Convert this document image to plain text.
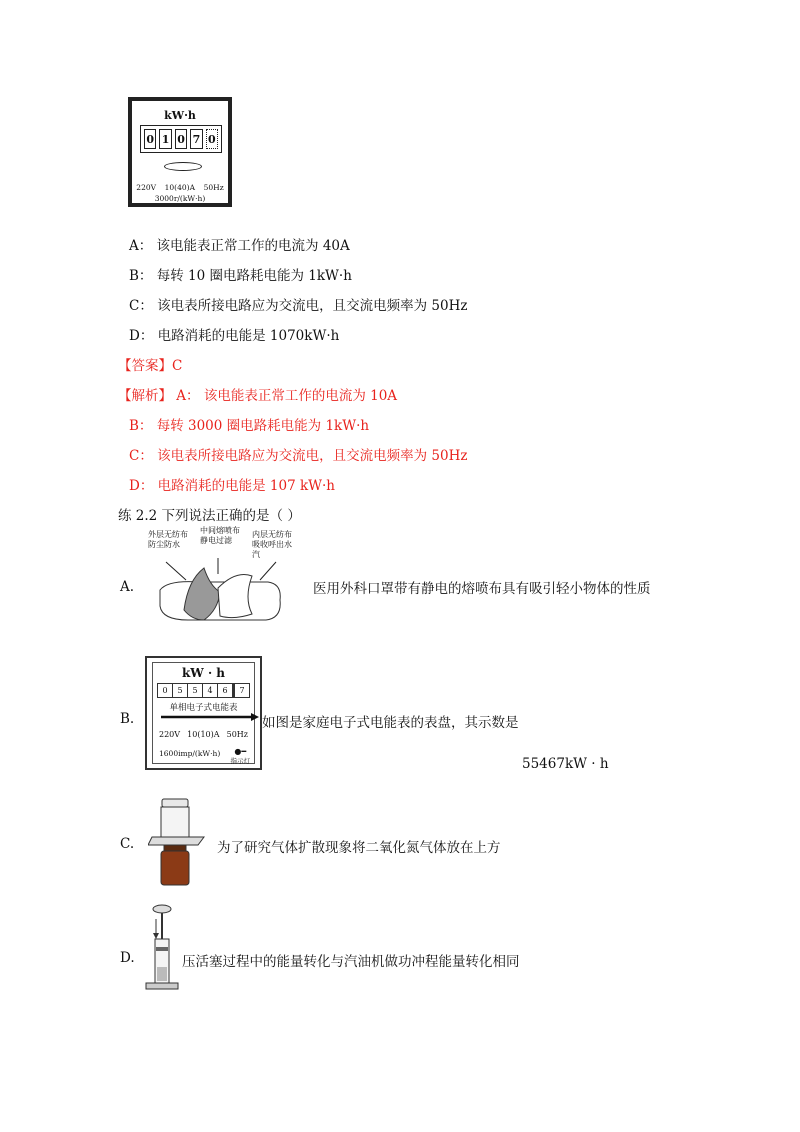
kW·h
0 1 0 7 0
220V 10(40)A 50Hz
3000r/(kW·h)
A： 该电能表正常工作的电流为 40A
B： 每转 10 圈电路耗电能为 1kW·h
C： 该电表所接电路应为交流电，且交流电频率为 50Hz
D： 电路消耗的电能是 1070kW·h
【答案】C
【解析】 A： 该电能表正常工作的电流为 10A
B： 每转 3000 圈电路耗电能为 1kW·h
C： 该电表所接电路应为交流电，且交流电频率为 50Hz
D： 电路消耗的电能是 107 kW·h
练 2.2 下列说法正确的是（ ）
外层无纺布
防尘防水
中间熔喷布
静电过滤
内层无纺布
吸收呼出水汽
A.	医用外科口罩带有静电的熔喷布具有吸引轻小物体的性质
kW · h
0	5	5	4	6	7
单相电子式电能表
220V 10(10)A 50Hz
1600imp/(kW·h)	●━
指示灯
B.	如图是家庭电子式电能表的表盘，其示数是
55467kW · h
C.	为了研究气体扩散现象将二氧化氮气体放在上方
D.	压活塞过程中的能量转化与汽油机做功冲程能量转化相同
